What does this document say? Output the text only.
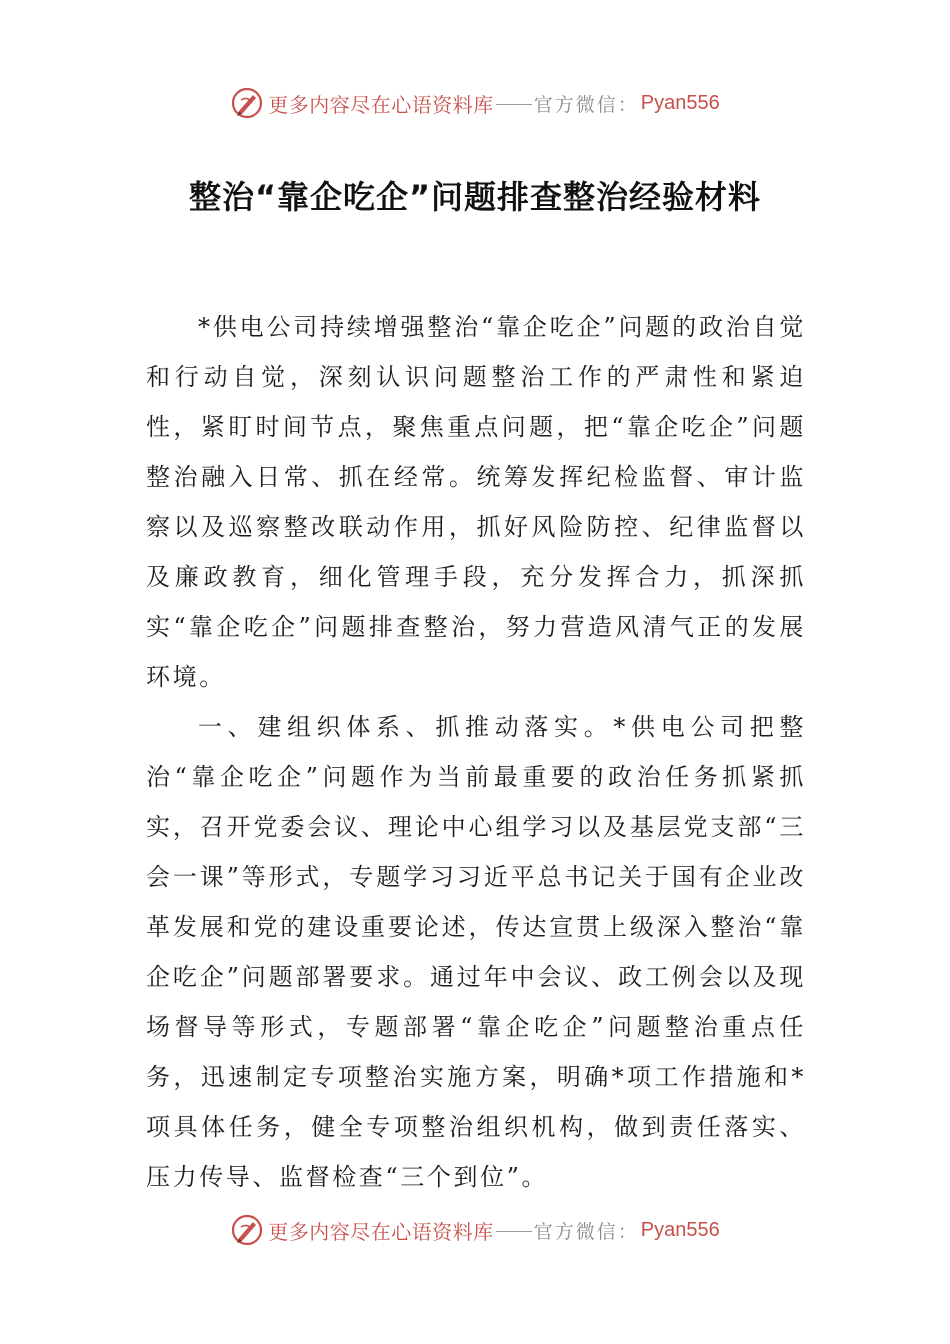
更多内容尽在心语资料库 官方微信： Pyan556
整治“靠企吃企”问题排查整治经验材料

*供电公司持续增强整治“靠企吃企”问题的政治自觉和行动自觉，深刻认识问题整治工作的严肃性和紧迫性，紧盯时间节点，聚焦重点问题，把“靠企吃企”问题整治融入日常、抓在经常。统筹发挥纪检监督、审计监察以及巡察整改联动作用，抓好风险防控、纪律监督以及廉政教育，细化管理手段，充分发挥合力，抓深抓实“靠企吃企”问题排查整治，努力营造风清气正的发展环境。

一、建组织体系、抓推动落实。*供电公司把整治“靠企吃企”问题作为当前最重要的政治任务抓紧抓实，召开党委会议、理论中心组学习以及基层党支部“三会一课”等形式，专题学习习近平总书记关于国有企业改革发展和党的建设重要论述，传达宣贯上级深入整治“靠企吃企”问题部署要求。通过年中会议、政工例会以及现场督导等形式，专题部署“靠企吃企”问题整治重点任务，迅速制定专项整治实施方案，明确*项工作措施和*项具体任务，健全专项整治组织机构，做到责任落实、压力传导、监督检查“三个到位”。

更多内容尽在心语资料库 官方微信： Pyan556
